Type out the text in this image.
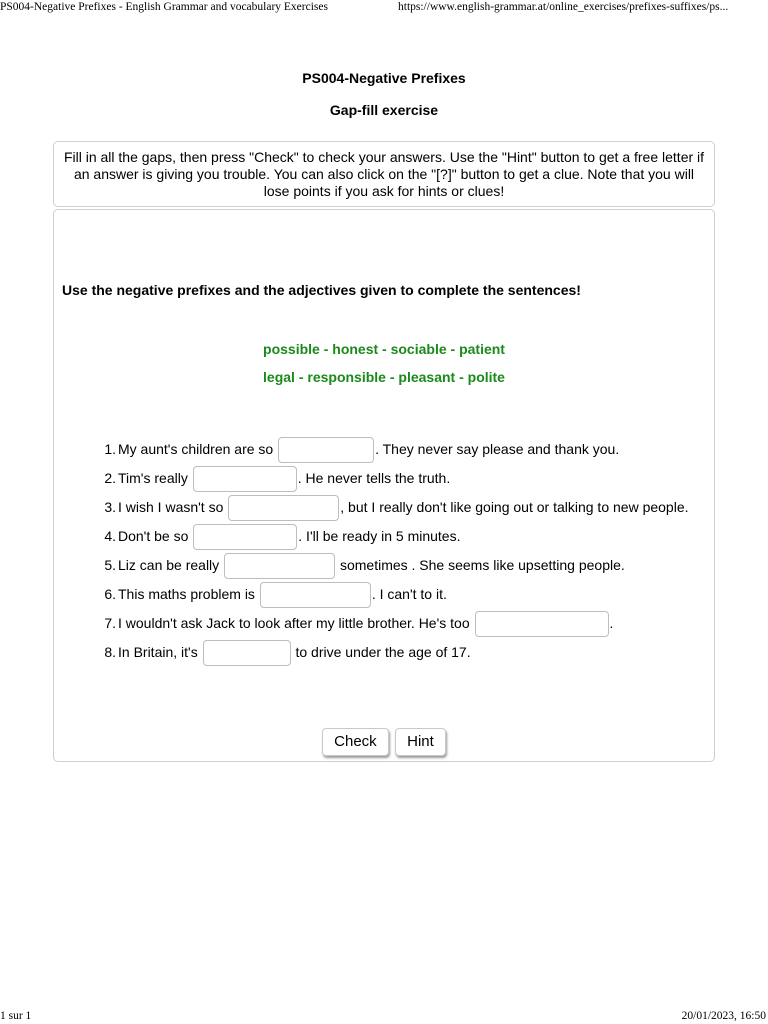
PS004-Negative Prefixes - English Grammar and vocabulary Exercises	https://www.english-grammar.at/online_exercises/prefixes-suffixes/ps...
PS004-Negative Prefixes
Gap-fill exercise
Fill in all the gaps, then press "Check" to check your answers. Use the "Hint" button to get a free letter if an answer is giving you trouble. You can also click on the "[?]" button to get a clue. Note that you will lose points if you ask for hints or clues!

Use the negative prefixes and the adjectives given to complete the sentences!

possible - honest - sociable - patient
legal - responsible - pleasant - polite
1. My aunt's children are so	. They never say please and thank you.
2. Tim's really	. He never tells the truth.
3. I wish I wasn't so	, but I really don't like going out or talking to new people.
4. Don't be so	. I'll be ready in 5 minutes.
5. Liz can be really	sometimes . She seems like upsetting people.
6. This maths problem is	. I can't to it.
7. I wouldn't ask Jack to look after my little brother. He's too	.
8. In Britain, it's	to drive under the age of 17.
Check Hint
1 sur 1	20/01/2023, 16:50
